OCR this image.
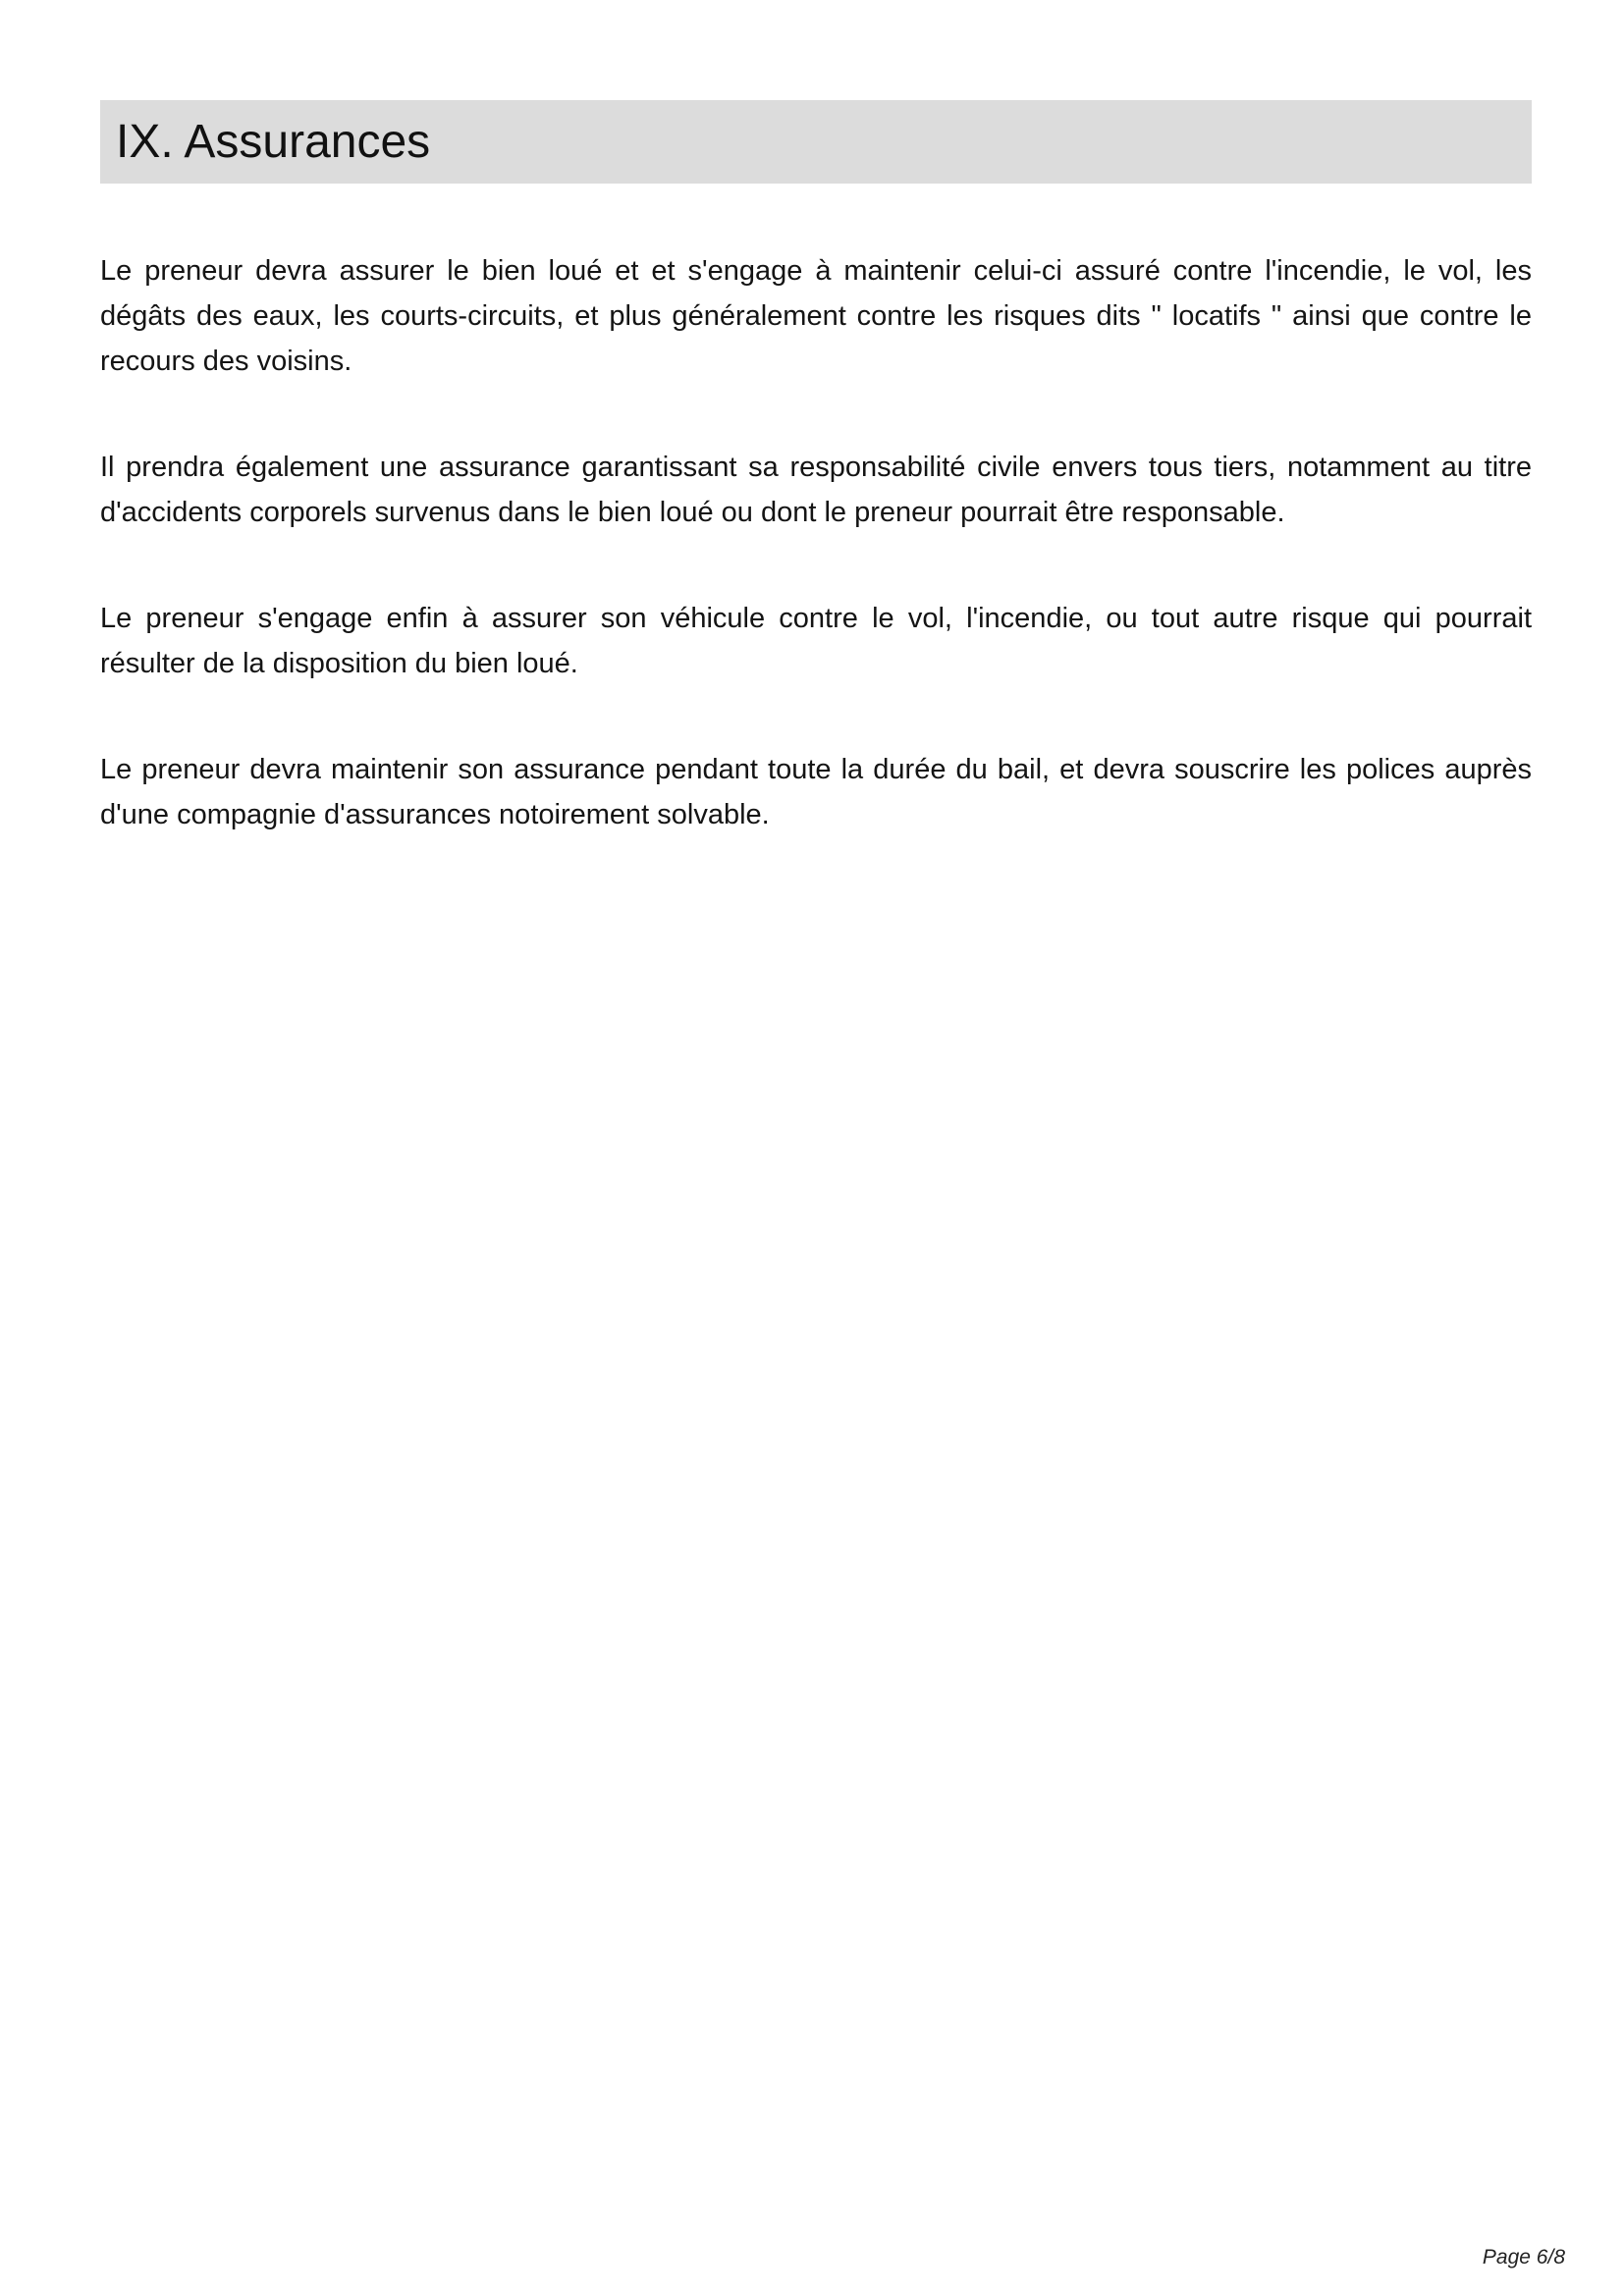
IX. Assurances

Le preneur devra assurer le bien loué et et s'engage à maintenir celui-ci assuré contre l'incendie, le vol, les dégâts des eaux, les courts-circuits, et plus généralement contre les risques dits " locatifs " ainsi que contre le recours des voisins.

Il prendra également une assurance garantissant sa responsabilité civile envers tous tiers, notamment au titre d'accidents corporels survenus dans le bien loué ou dont le preneur pourrait être responsable.

Le preneur s'engage enfin à assurer son véhicule contre le vol, l'incendie, ou tout autre risque qui pourrait résulter de la disposition du bien loué.

Le preneur devra maintenir son assurance pendant toute la durée du bail, et devra souscrire les polices auprès d'une compagnie d'assurances notoirement solvable.

Page 6/8
